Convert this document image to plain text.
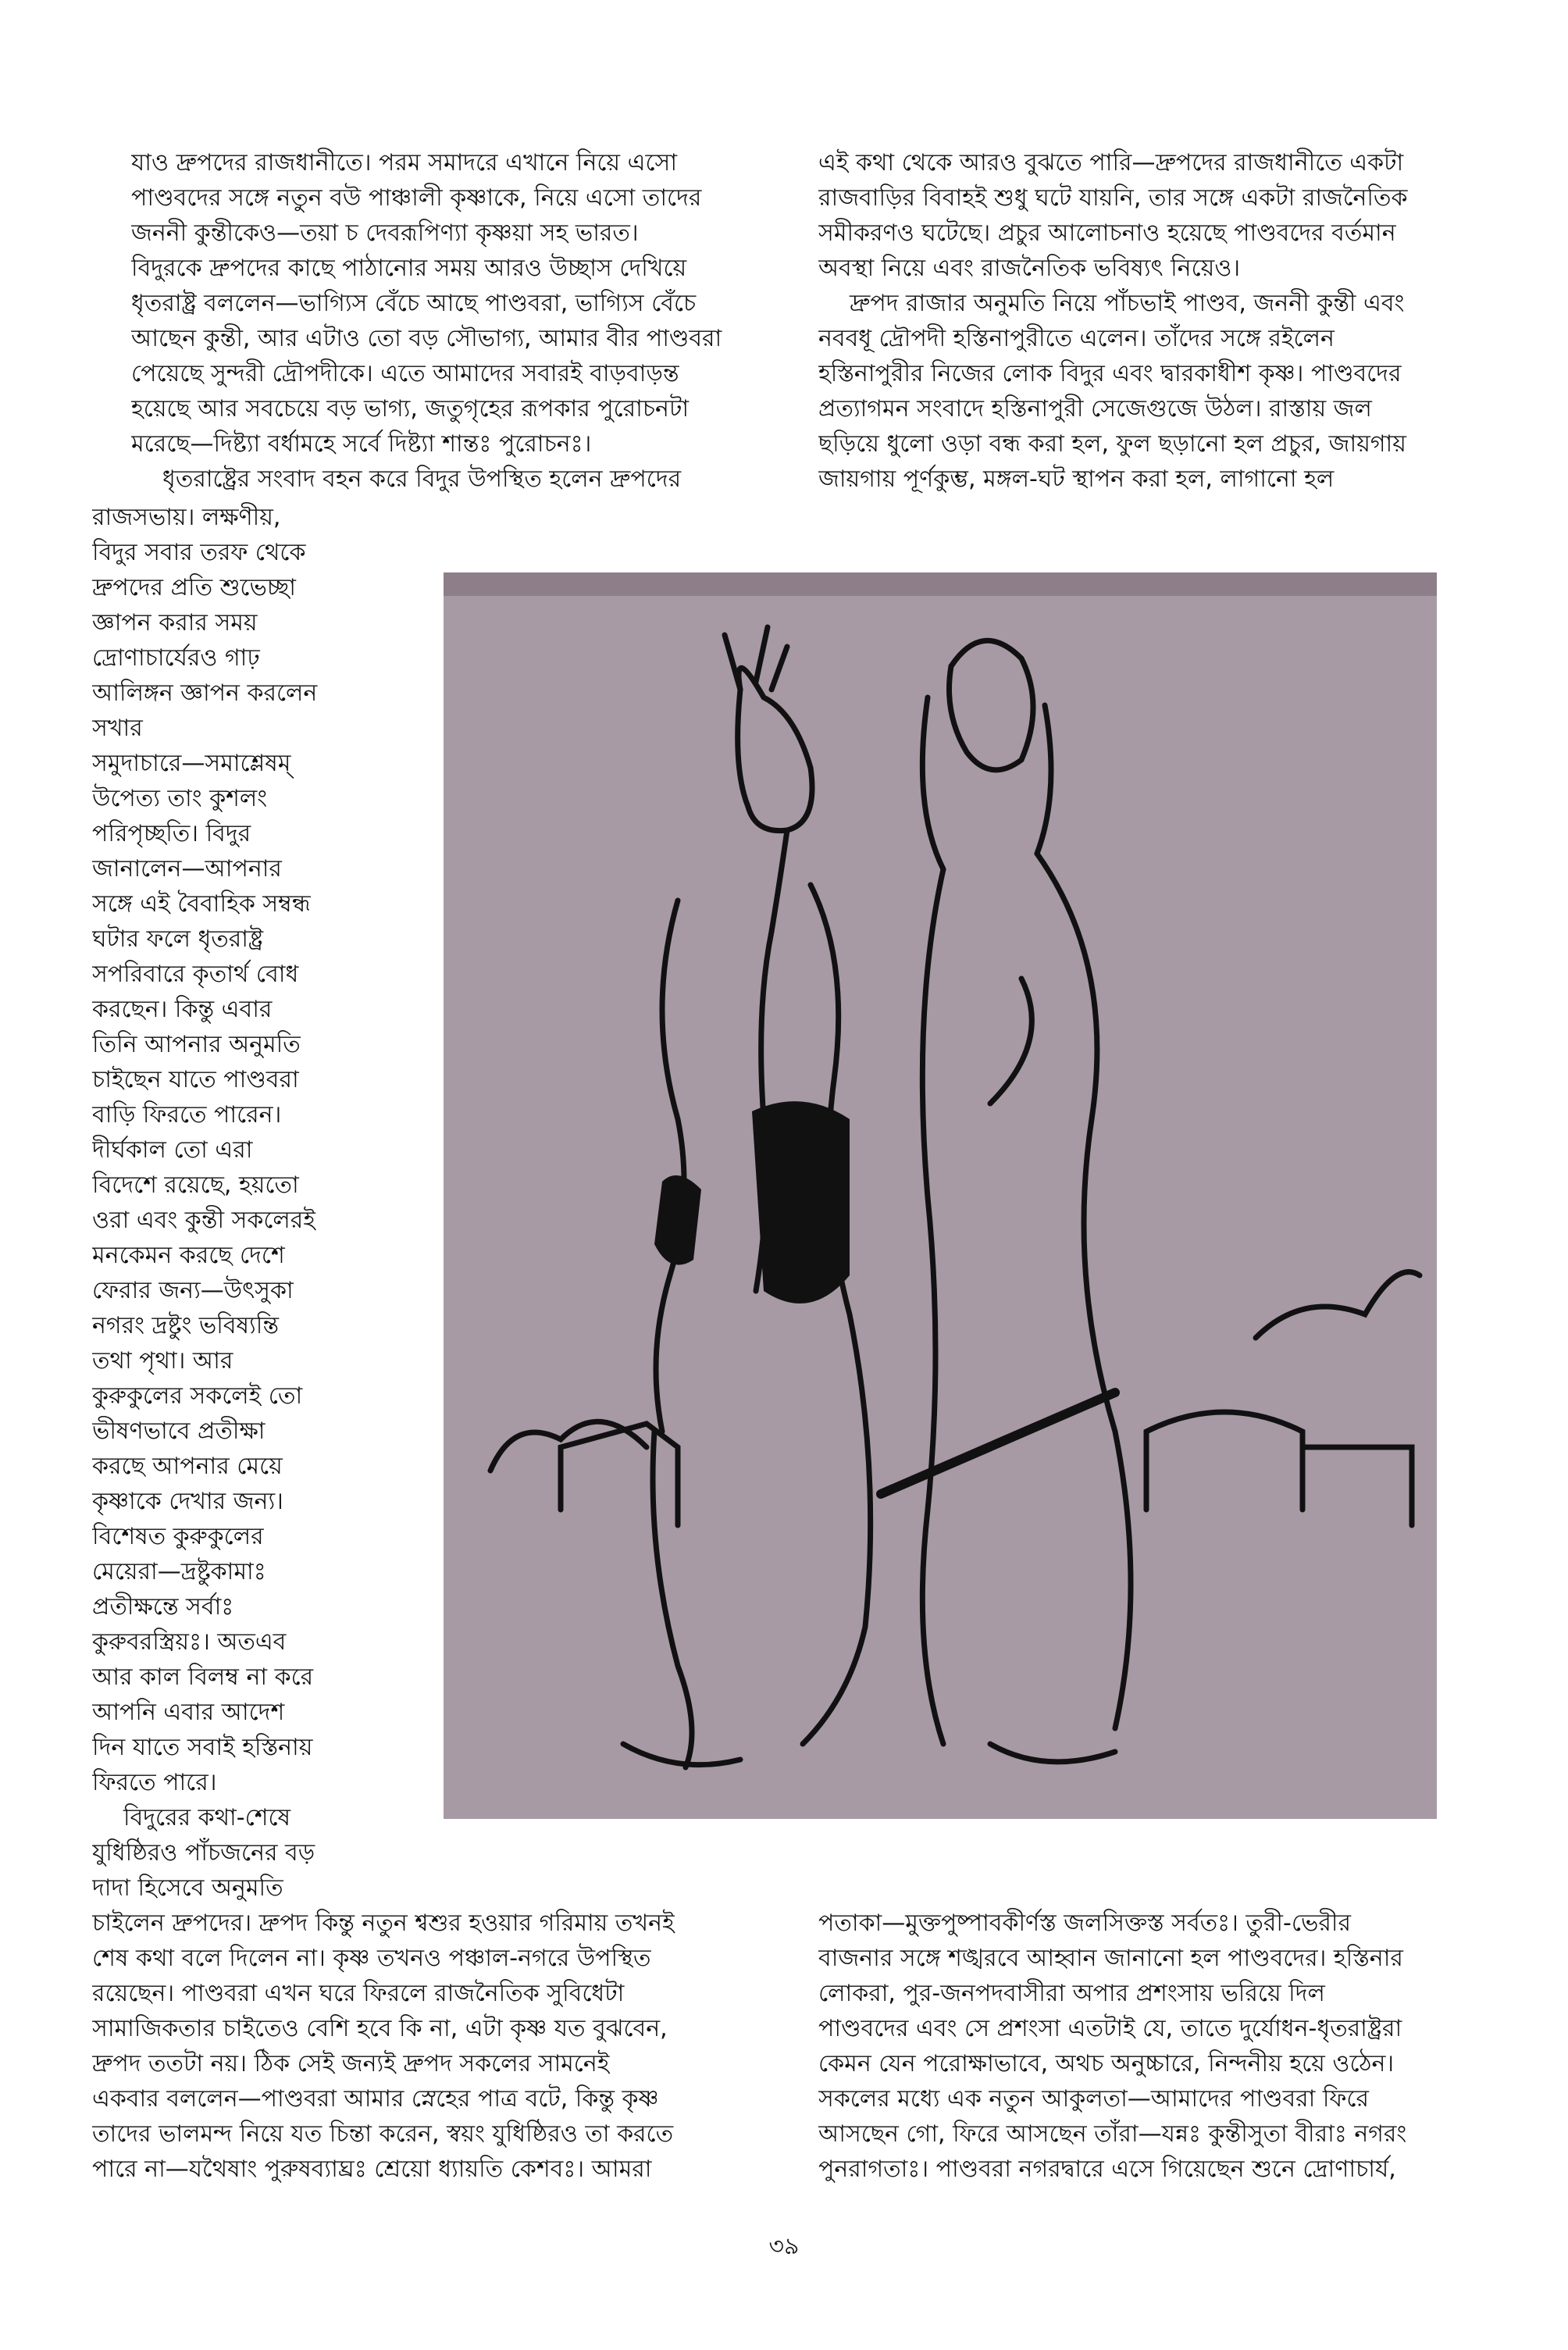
যাও দ্রুপদের রাজধানীতে। পরম সমাদরে এখানে নিয়ে এসো
পাণ্ডবদের সঙ্গে নতুন বউ পাঞ্চালী কৃষ্ণাকে, নিয়ে এসো তাদের
জননী কুন্তীকেও—তয়া চ দেবরূপিণ্যা কৃষ্ণয়া সহ ভারত।
বিদুরকে দ্রুপদের কাছে পাঠানোর সময় আরও উচ্ছাস দেখিয়ে
ধৃতরাষ্ট্র বললেন—ভাগ্যিস বেঁচে আছে পাণ্ডবরা, ভাগ্যিস বেঁচে
আছেন কুন্তী, আর এটাও তো বড় সৌভাগ্য, আমার বীর পাণ্ডবরা
পেয়েছে সুন্দরী দ্রৌপদীকে। এতে আমাদের সবারই বাড়বাড়ন্ত
হয়েছে আর সবচেয়ে বড় ভাগ্য, জতুগৃহের রূপকার পুরোচনটা
মরেছে—দিষ্ট্যা বর্ধামহে সর্বে দিষ্ট্যা শান্তঃ পুরোচনঃ।
ধৃতরাষ্ট্রের সংবাদ বহন করে বিদুর উপস্থিত হলেন দ্রুপদের
এই কথা থেকে আরও বুঝতে পারি—দ্রুপদের রাজধানীতে একটা
রাজবাড়ির বিবাহই শুধু ঘটে যায়নি, তার সঙ্গে একটা রাজনৈতিক
সমীকরণও ঘটেছে। প্রচুর আলোচনাও হয়েছে পাণ্ডবদের বর্তমান
অবস্থা নিয়ে এবং রাজনৈতিক ভবিষ্যৎ নিয়েও।
দ্রুপদ রাজার অনুমতি নিয়ে পাঁচভাই পাণ্ডব, জননী কুন্তী এবং
নববধূ দ্রৌপদী হস্তিনাপুরীতে এলেন। তাঁদের সঙ্গে রইলেন
হস্তিনাপুরীর নিজের লোক বিদুর এবং দ্বারকাধীশ কৃষ্ণ। পাণ্ডবদের
প্রত্যাগমন সংবাদে হস্তিনাপুরী সেজেগুজে উঠল। রাস্তায় জল
ছড়িয়ে ধুলো ওড়া বন্ধ করা হল, ফুল ছড়ানো হল প্রচুর, জায়গায়
জায়গায় পূর্ণকুম্ভ, মঙ্গল-ঘট স্থাপন করা হল, লাগানো হল
রাজসভায়। লক্ষণীয়,
বিদুর সবার তরফ থেকে
দ্রুপদের প্রতি শুভেচ্ছা
জ্ঞাপন করার সময়
দ্রোণাচার্যেরও গাঢ়
আলিঙ্গন জ্ঞাপন করলেন
সখার
সমুদাচারে—সমাশ্লেষম্
উপেত্য তাং কুশলং
পরিপৃচ্ছতি। বিদুর
জানালেন—আপনার
সঙ্গে এই বৈবাহিক সম্বন্ধ
ঘটার ফলে ধৃতরাষ্ট্র
সপরিবারে কৃতার্থ বোধ
করছেন। কিন্তু এবার
তিনি আপনার অনুমতি
চাইছেন যাতে পাণ্ডবরা
বাড়ি ফিরতে পারেন।
দীর্ঘকাল তো এরা
বিদেশে রয়েছে, হয়তো
ওরা এবং কুন্তী সকলেরই
মনকেমন করছে দেশে
ফেরার জন্য—উৎসুকা
নগরং দ্রষ্টুং ভবিষ্যন্তি
তথা পৃথা। আর
কুরুকুলের সকলেই তো
ভীষণভাবে প্রতীক্ষা
করছে আপনার মেয়ে
কৃষ্ণাকে দেখার জন্য।
বিশেষত কুরুকুলের
মেয়েরা—দ্রষ্টুকামাঃ
প্রতীক্ষন্তে সর্বাঃ
কুরুবরস্ত্রিয়ঃ। অতএব
আর কাল বিলম্ব না করে
আপনি এবার আদেশ
দিন যাতে সবাই হস্তিনায়
ফিরতে পারে।
বিদুরের কথা-শেষে
যুধিষ্ঠিরও পাঁচজনের বড়
দাদা হিসেবে অনুমতি
চাইলেন দ্রুপদের। দ্রুপদ কিন্তু নতুন শ্বশুর হওয়ার গরিমায় তখনই
শেষ কথা বলে দিলেন না। কৃষ্ণ তখনও পঞ্চাল-নগরে উপস্থিত
রয়েছেন। পাণ্ডবরা এখন ঘরে ফিরলে রাজনৈতিক সুবিধেটা
সামাজিকতার চাইতেও বেশি হবে কি না, এটা কৃষ্ণ যত বুঝবেন,
দ্রুপদ ততটা নয়। ঠিক সেই জন্যই দ্রুপদ সকলের সামনেই
একবার বললেন—পাণ্ডবরা আমার স্নেহের পাত্র বটে, কিন্তু কৃষ্ণ
তাদের ভালমন্দ নিয়ে যত চিন্তা করেন, স্বয়ং যুধিষ্ঠিরও তা করতে
পারে না—যথৈষাং পুরুষব্যাঘ্রঃ শ্রেয়ো ধ্যায়তি কেশবঃ। আমরা
পতাকা—মুক্তপুষ্পাবকীর্ণস্ত জলসিক্তস্ত সর্বতঃ। তুরী-ভেরীর
বাজনার সঙ্গে শঙ্খরবে আহ্বান জানানো হল পাণ্ডবদের। হস্তিনার
লোকরা, পুর-জনপদবাসীরা অপার প্রশংসায় ভরিয়ে দিল
পাণ্ডবদের এবং সে প্রশংসা এতটাই যে, তাতে দুর্যোধন-ধৃতরাষ্ট্ররা
কেমন যেন পরোক্ষাভাবে, অথচ অনুচ্চারে, নিন্দনীয় হয়ে ওঠেন।
সকলের মধ্যে এক নতুন আকুলতা—আমাদের পাণ্ডবরা ফিরে
আসছেন গো, ফিরে আসছেন তাঁরা—যন্নঃ কুন্তীসুতা বীরাঃ নগরং
পুনরাগতাঃ। পাণ্ডবরা নগরদ্বারে এসে গিয়েছেন শুনে দ্রোণাচার্য,
৩৯
